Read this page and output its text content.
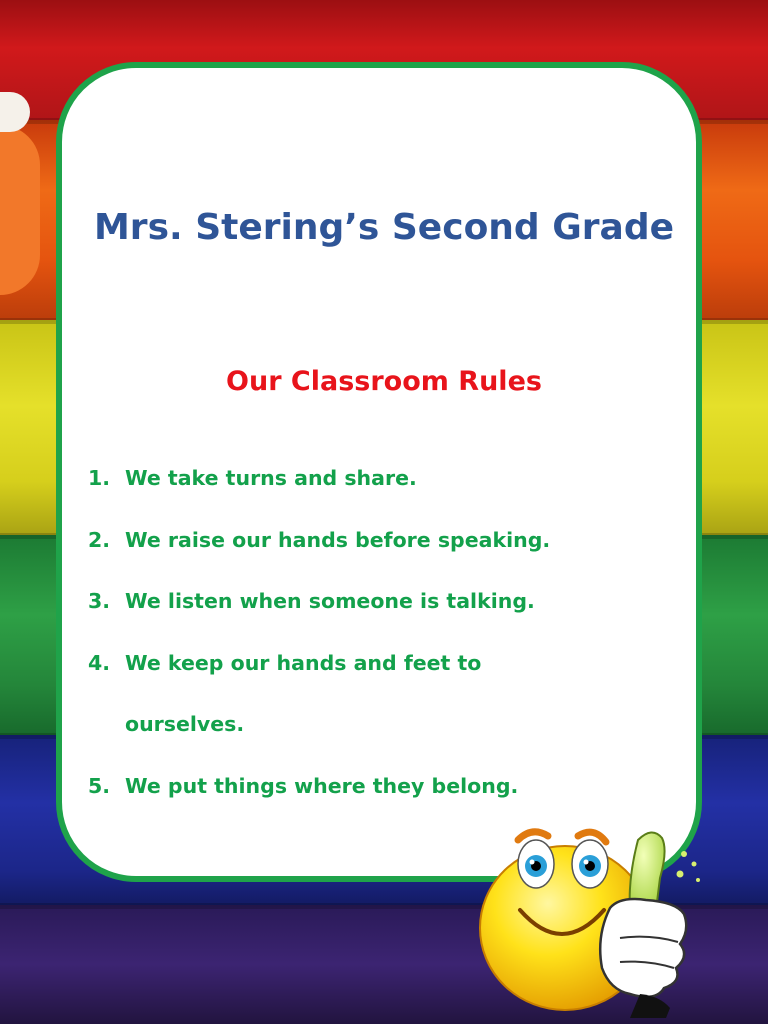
Mrs. Stering’s Second Grade
Our Classroom Rules
1. We take turns and share.
2. We raise our hands before speaking.
3. We listen when someone is talking.
4. We keep our hands and feet to ourselves.
5. We put things where they belong.
